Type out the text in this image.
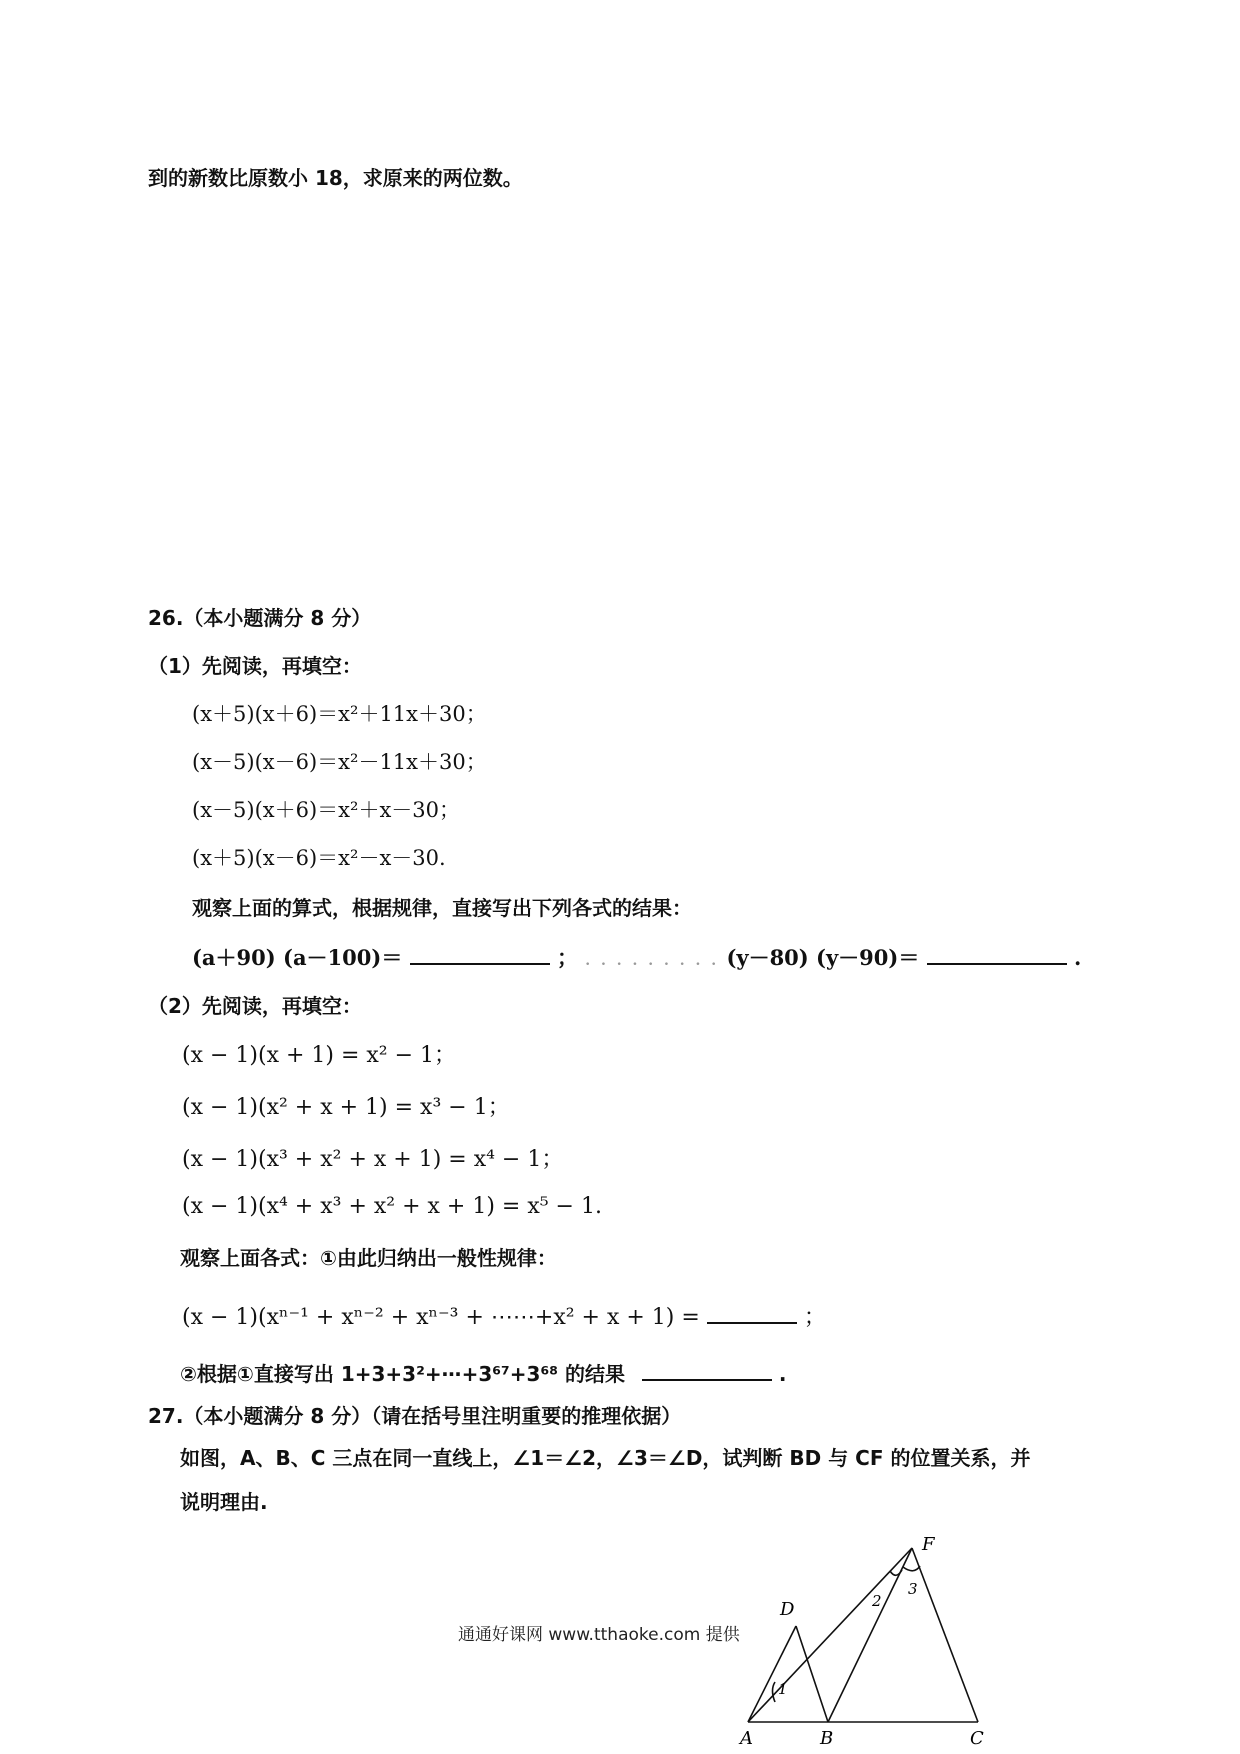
到的新数比原数小 18，求原来的两位数。
26.（本小题满分 8 分）
（1）先阅读，再填空：
(x＋5)(x＋6)＝x²＋11x＋30；
(x－5)(x－6)＝x²－11x＋30；
(x－5)(x＋6)＝x²＋x－30；
(x＋5)(x－6)＝x²－x－30.
观察上面的算式，根据规律，直接写出下列各式的结果：
(a＋90) (a－100)＝	； . . . . . . . . . (y－80) (y－90)＝	.
（2）先阅读，再填空：
(x − 1)(x + 1) = x² − 1；
(x − 1)(x² + x + 1) = x³ − 1；
(x − 1)(x³ + x² + x + 1) = x⁴ − 1；
(x − 1)(x⁴ + x³ + x² + x + 1) = x⁵ − 1.
观察上面各式：①由此归纳出一般性规律：
(x − 1)(xⁿ⁻¹ + xⁿ⁻² + xⁿ⁻³ + ⋯⋯+x² + x + 1) =	；
②根据①直接写出 1+3+3²+⋯+3⁶⁷+3⁶⁸ 的结果	.
27.（本小题满分 8 分）（请在括号里注明重要的推理依据）
如图，A、B、C 三点在同一直线上，∠1＝∠2，∠3＝∠D，试判断 BD 与 CF 的位置关系，并
说明理由.
通通好课网 www.tthaoke.com 提供
A	B	C
D
F
1
2
3
